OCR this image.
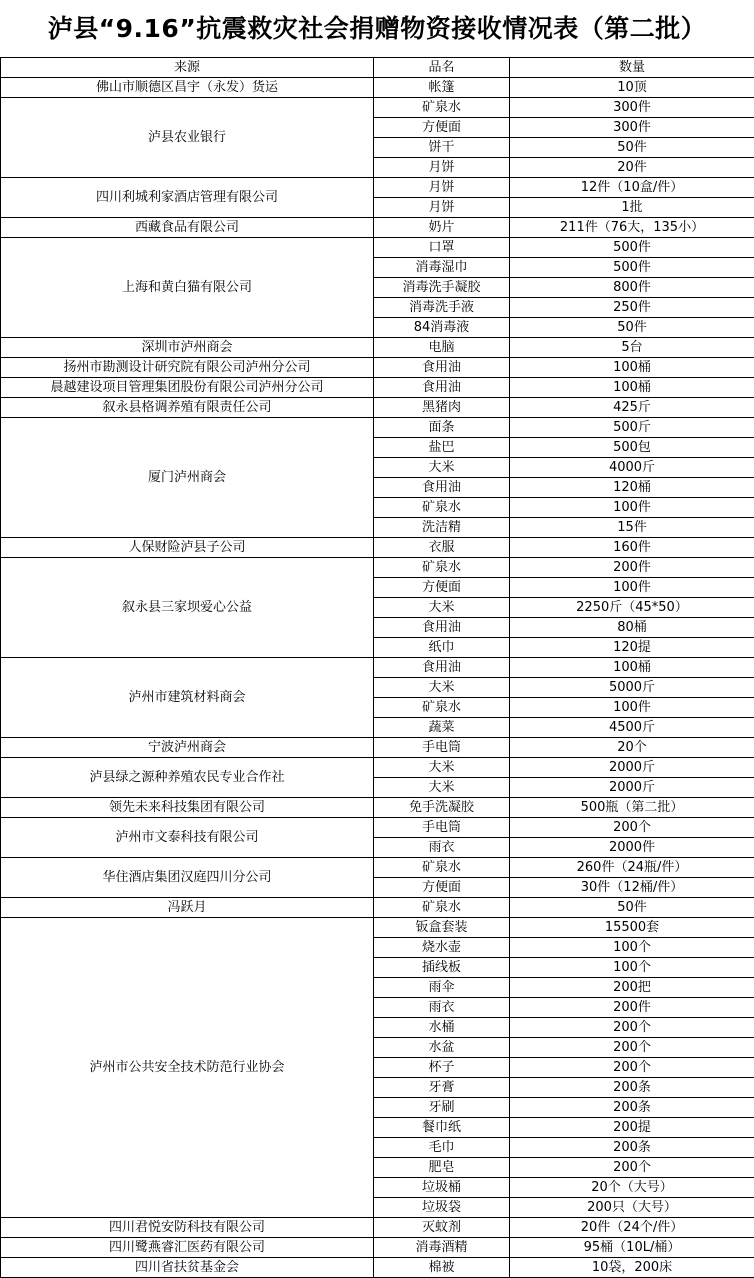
泸县“9.16”抗震救灾社会捐赠物资接收情况表（第二批）
来源	品名	数量
佛山市顺德区昌宇（永发）货运	帐篷	10顶
泸县农业银行	矿泉水	300件
	方便面	300件
	饼干	50件
	月饼	20件
四川利城利家酒店管理有限公司	月饼	12件（10盒/件）
	月饼	1批
西藏食品有限公司	奶片	211件（76大，135小）
上海和黄白猫有限公司	口罩	500件
	消毒湿巾	500件
	消毒洗手凝胶	800件
	消毒洗手液	250件
	84消毒液	50件
深圳市泸州商会	电脑	5台
扬州市勘测设计研究院有限公司泸州分公司	食用油	100桶
晨越建设项目管理集团股份有限公司泸州分公司	食用油	100桶
叙永县格调养殖有限责任公司	黑猪肉	425斤
厦门泸州商会	面条	500斤
	盐巴	500包
	大米	4000斤
	食用油	120桶
	矿泉水	100件
	洗洁精	15件
人保财险泸县子公司	衣服	160件
叙永县三家坝爱心公益	矿泉水	200件
	方便面	100件
	大米	2250斤（45*50）
	食用油	80桶
	纸巾	120提
泸州市建筑材料商会	食用油	100桶
	大米	5000斤
	矿泉水	100件
	蔬菜	4500斤
宁波泸州商会	手电筒	20个
泸县绿之源种养殖农民专业合作社	大米	2000斤
	大米	2000斤
领先未来科技集团有限公司	免手洗凝胶	500瓶（第二批）
泸州市文泰科技有限公司	手电筒	200个
	雨衣	2000件
华住酒店集团汉庭四川分公司	矿泉水	260件（24瓶/件）
	方便面	30件（12桶/件）
冯跃月	矿泉水	50件
泸州市公共安全技术防范行业协会	钣盒套装	15500套
	烧水壶	100个
	插线板	100个
	雨伞	200把
	雨衣	200件
	水桶	200个
	水盆	200个
	杯子	200个
	牙膏	200条
	牙刷	200条
	餐巾纸	200提
	毛巾	200条
	肥皂	200个
	垃圾桶	20个（大号）
	垃圾袋	200只（大号）
四川君悦安防科技有限公司	灭蚊剂	20件（24个/件）
四川鹭燕睿汇医药有限公司	消毒酒精	95桶（10L/桶）
四川省扶贫基金会	棉被	10袋，200床
